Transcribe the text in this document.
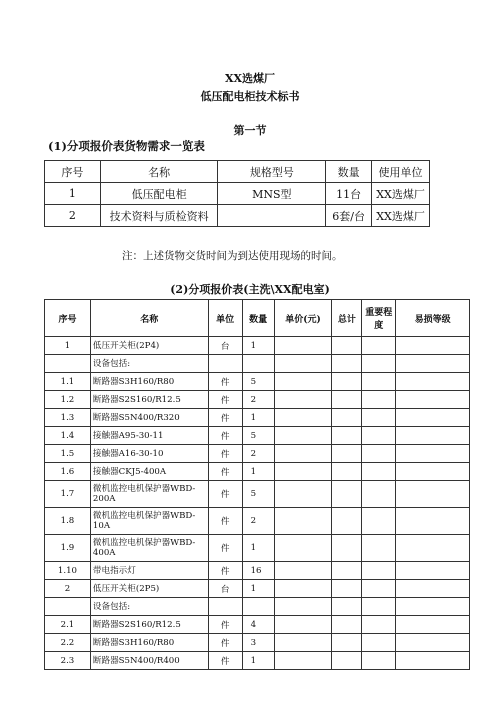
XX选煤厂
低压配电柜技术标书
第一节
(1)分项报价表货物需求一览表
序号	名称	规格型号	数量	使用单位
1	低压配电柜	MNS型	11台	XX选煤厂
2	技术资料与质检资料		6套/台	XX选煤厂
注：上述货物交货时间为到达使用现场的时间。
(2)分项报价表(主洗\XX配电室)
序号	名称	单位	数量	单价(元)	总计	重要程度	易损等级
1	低压开关柜(2P4)	台	1				
	设备包括:						
1.1	断路器S3H160/R80	件	5				
1.2	断路器S2S160/R12.5	件	2				
1.3	断路器S5N400/R320	件	1				
1.4	接触器A95-30-11	件	5				
1.5	接触器A16-30-10	件	2				
1.6	接触器CKJ5-400A	件	1				
1.7	微机监控电机保护器WBD-200A	件	5				
1.8	微机监控电机保护器WBD-10A	件	2				
1.9	微机监控电机保护器WBD-400A	件	1				
1.10	带电指示灯	件	16				
2	低压开关柜(2P5)	台	1				
	设备包括:						
2.1	断路器S2S160/R12.5	件	4				
2.2	断路器S3H160/R80	件	3				
2.3	断路器S5N400/R400	件	1				
